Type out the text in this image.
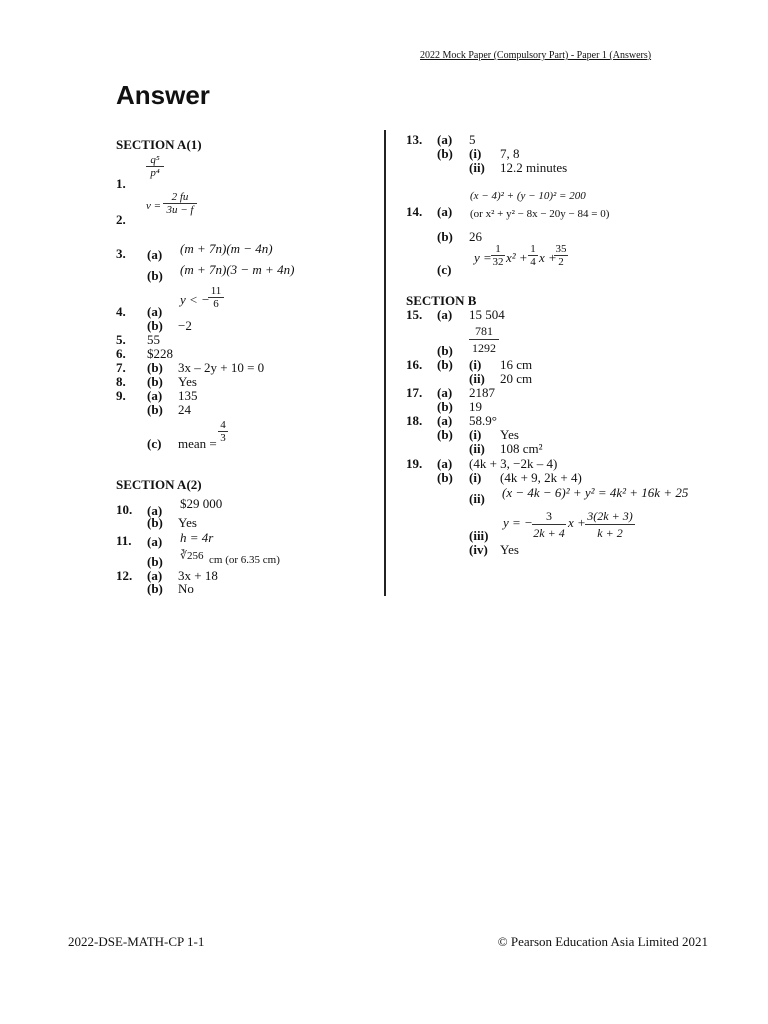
2022 Mock Paper (Compulsory Part) - Paper 1 (Answers)
Answer
SECTION A(1)
$\frac{\text{q⁵}}{\text{p⁴}}$
1.
$v = \frac{2 fu}{3u - f}$
2.
3. (a) (m + 7n)(m − 4n)
(b) (m + 7n)(3 − m + 4n)
y < −
$\frac{11}{6}$
4. (a)
(b) −2
5. 55
6. $228
7. (b) 3x – 2y + 10 = 0
8. (b) Yes
9. (a) 135
(b) 24
(c) mean = $\frac{4}{3}$
SECTION A(2)
10. (a) $29 000
(b) Yes
11. (a) h = 4r
(b) ∛256 cm (or 6.35 cm)
12. (a) 3x + 18
(b) No
13. (a) 5
(b) (i) 7, 8
(ii) 12.2 minutes
(x − 4)² + (y − 10)² = 200
14. (a) (or x² + y² − 8x − 20y − 84 = 0)
(b) 26
(c)
$y = \frac{1}{32} x^2 + \frac{1}{4}$ x +
$\frac{35}{2}$
SECTION B
15. (a) 15 504
$\frac{781}{1292}$
(b)
16. (b) (i) 16 cm
(ii) 20 cm
17. (a) 2187
(b) 19
18. (a) 58.9°
(b) (i) Yes
(ii) 108 cm²
19. (a) (4k + 3, −2k – 4)
(b) (i) (4k + 9, 2k + 4)
(ii) (x − 4k − 6)² + y² = 4k² + 16k + 25
y = − $\frac{3}{2k + 4}$ $x + \frac{3(2k + 3)}{k + 2}$
(iii)
(iv) Yes
2022-DSE-MATH-CP 1-1	© Pearson Education Asia Limited 2021
